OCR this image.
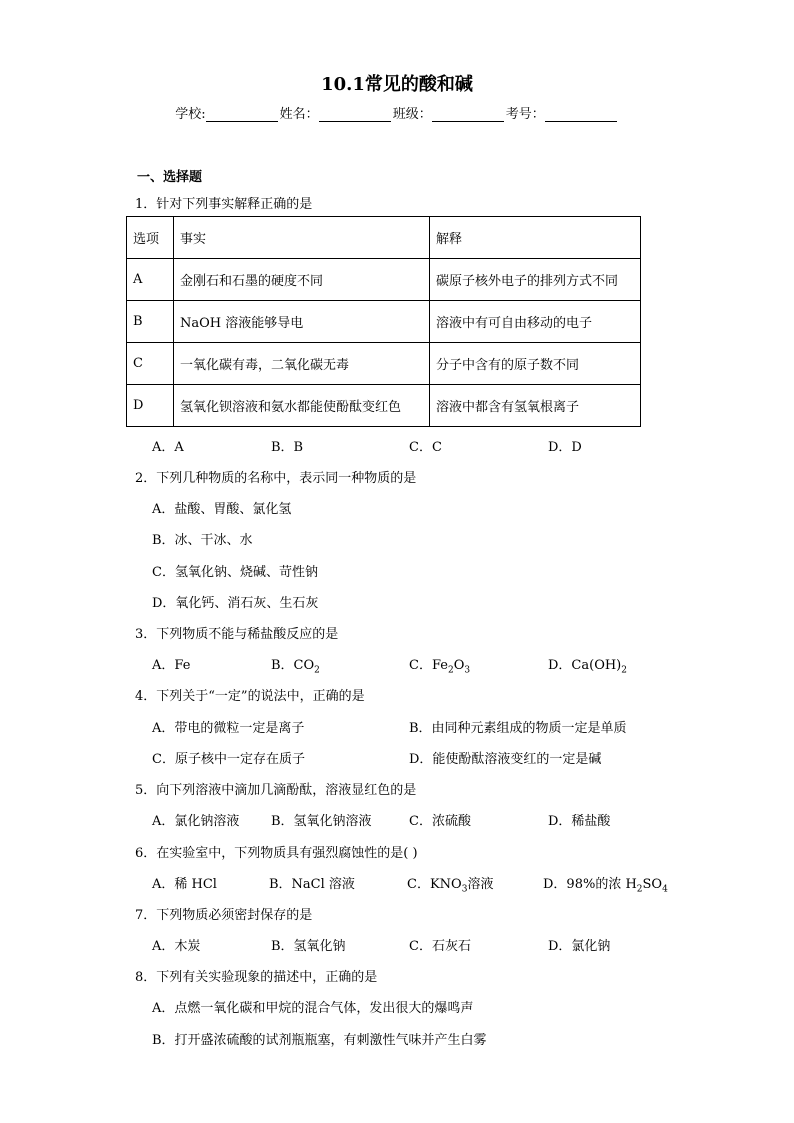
10.1常见的酸和碱
学校:	姓名：	班级：	考号：
一、选择题
1．针对下列事实解释正确的是
选项	事实	解释
A	金刚石和石墨的硬度不同	碳原子核外电子的排列方式不同
B	NaOH 溶液能够导电	溶液中有可自由移动的电子
C	一氧化碳有毒，二氧化碳无毒	分子中含有的原子数不同
D	氢氧化钡溶液和氨水都能使酚酞变红色	溶液中都含有氢氧根离子
A．A	B．B	C．C	D．D
2．下列几种物质的名称中，表示同一种物质的是
A．盐酸、胃酸、氯化氢
B．冰、干冰、水
C．氢氧化钠、烧碱、苛性钠
D．氧化钙、消石灰、生石灰
3．下列物质不能与稀盐酸反应的是
A．Fe	B．$CO_2$	C．$Fe_2O_3$	D．$Ca(OH)_2$
4．下列关于“一定”的说法中，正确的是
A．带电的微粒一定是离子	B．由同种元素组成的物质一定是单质
C．原子核中一定存在质子	D．能使酚酞溶液变红的一定是碱
5．向下列溶液中滴加几滴酚酞，溶液显红色的是
A．氯化钠溶液 B．氢氧化钠溶液	C．浓硫酸	D．稀盐酸
6．在实验室中，下列物质具有强烈腐蚀性的是( )
A．稀 HCl	B．NaCl 溶液	C．$KNO_3$溶液	D．98%的浓 $H_2SO_4$
7．下列物质必须密封保存的是
A．木炭	B．氢氧化钠	C．石灰石	D．氯化钠
8．下列有关实验现象的描述中，正确的是
A．点燃一氧化碳和甲烷的混合气体，发出很大的爆鸣声
B．打开盛浓硫酸的试剂瓶瓶塞，有刺激性气味并产生白雾
